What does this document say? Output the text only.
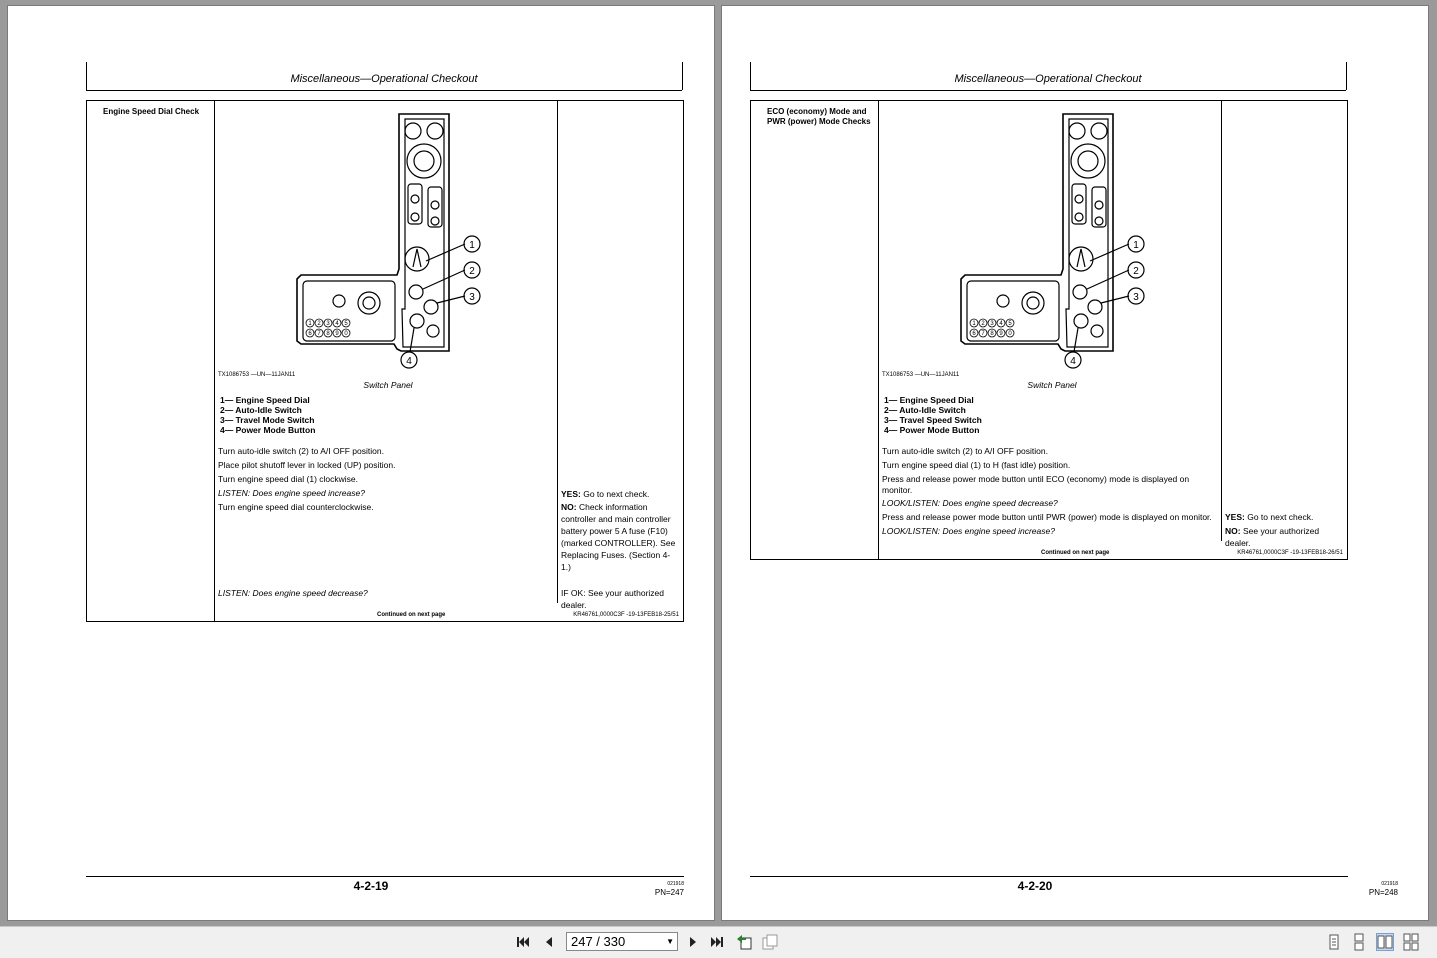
Miscellaneous—Operational Checkout
Engine Speed Dial Check
1
2
3
4
1 2 3 4 5
6 7 8 9 0
TX1086753 —UN—11JAN11
Switch Panel
1— Engine Speed Dial
2— Auto-Idle Switch
3— Travel Mode Switch
4— Power Mode Button
Turn auto-idle switch (2) to A/I OFF position.
Place pilot shutoff lever in locked (UP) position.
Turn engine speed dial (1) clockwise.
LISTEN: Does engine speed increase?
Turn engine speed dial counterclockwise.
LISTEN: Does engine speed decrease?
YES: Go to next check.
NO: Check information controller and main controller battery power 5 A fuse (F10) (marked CONTROLLER). See Replacing Fuses. (Section 4-1.)
IF OK: See your authorized dealer.
Continued on next page	KR46761,0000C3F -19-13FEB18-25/51
4-2-19	021918
PN=247
Miscellaneous—Operational Checkout
ECO (economy) Mode and PWR (power) Mode Checks
1
2
3
4
1 2 3 4 5
6 7 8 9 0
TX1086753 —UN—11JAN11
Switch Panel
1— Engine Speed Dial
2— Auto-Idle Switch
3— Travel Speed Switch
4— Power Mode Button
Turn auto-idle switch (2) to A/I OFF position.
Turn engine speed dial (1) to H (fast idle) position.
Press and release power mode button until ECO (economy) mode is displayed on monitor.
LOOK/LISTEN: Does engine speed decrease?
Press and release power mode button until PWR (power) mode is displayed on monitor.
LOOK/LISTEN: Does engine speed increase?
YES: Go to next check.
NO: See your authorized dealer.
Continued on next page	KR46761,0000C3F -19-13FEB18-26/51
4-2-20	021918
PN=248
247 / 330	▼
